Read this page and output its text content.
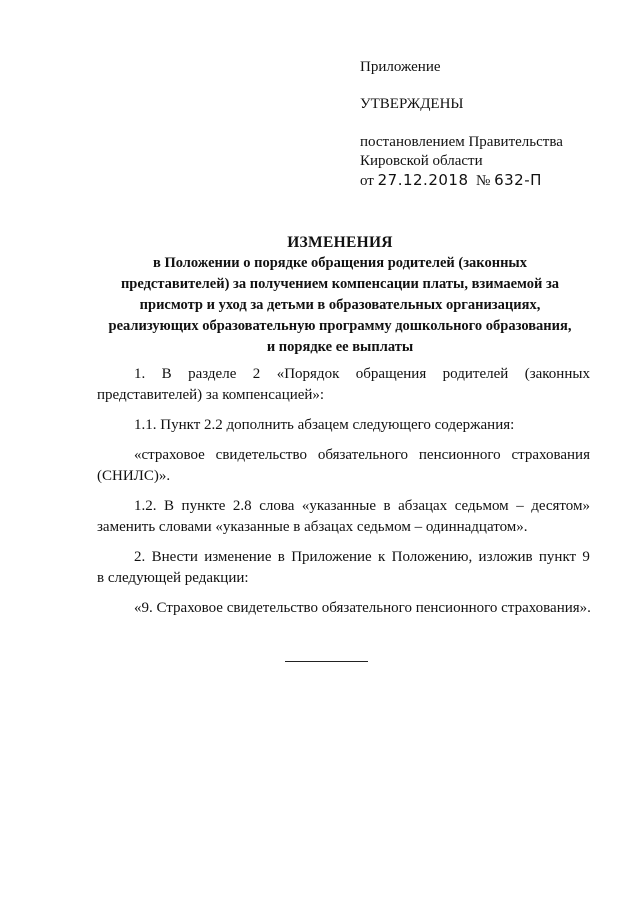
Приложение
УТВЕРЖДЕНЫ
постановлением Правительства
Кировской области
от 27.12.2018 № 632-П
ИЗМЕНЕНИЯ
в Положении о порядке обращения родителей (законных
представителей) за получением компенсации платы, взимаемой за
присмотр и уход за детьми в образовательных организациях,
реализующих образовательную программу дошкольного образования,
и порядке ее выплаты
1. В разделе 2 «Порядок обращения родителей (законных
представителей) за компенсацией»:
1.1. Пункт 2.2 дополнить абзацем следующего содержания:
«страховое свидетельство обязательного пенсионного страхования
(СНИЛС)».
1.2. В пункте 2.8 слова «указанные в абзацах седьмом – десятом»
заменить словами «указанные в абзацах седьмом – одиннадцатом».
2. Внести изменение в Приложение к Положению, изложив пункт 9
в следующей редакции:
«9. Страховое свидетельство обязательного пенсионного страхования».
